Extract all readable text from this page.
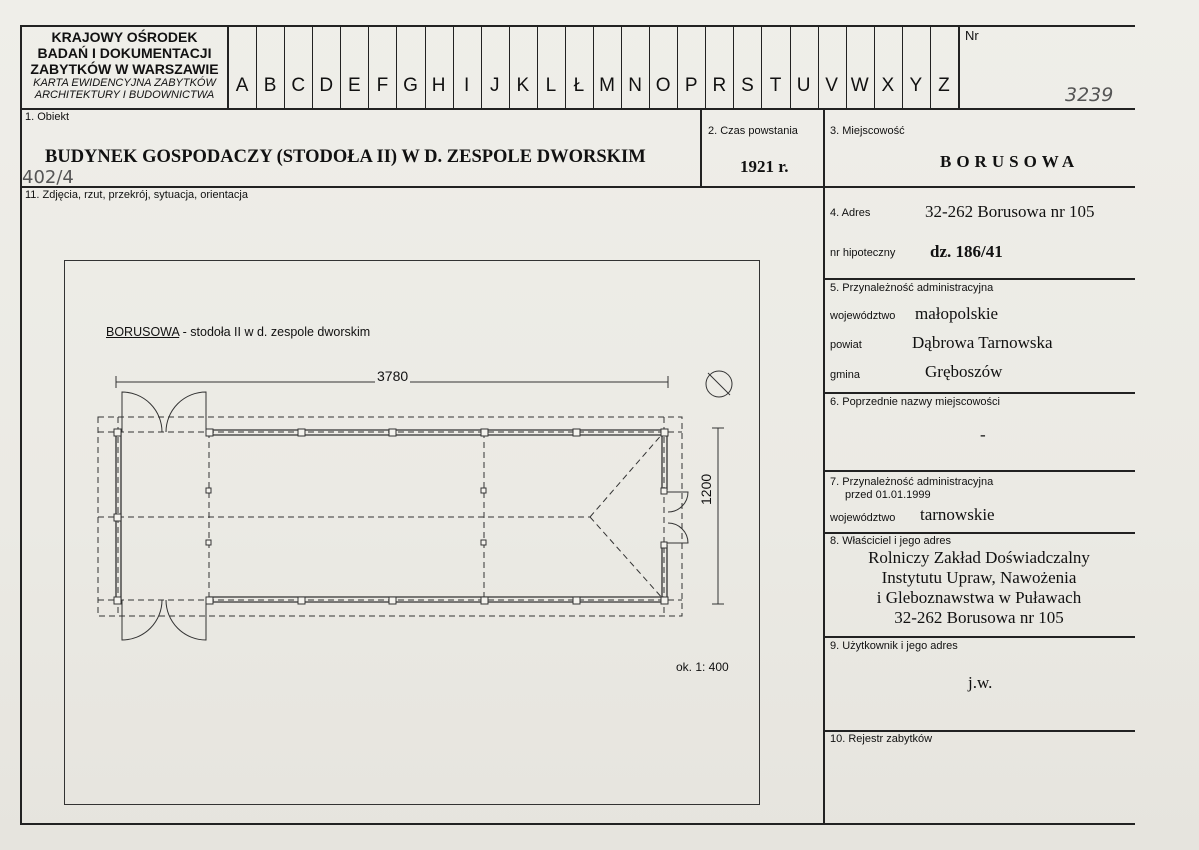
KRAJOWY OŚRODEK
BADAŃ I DOKUMENTACJI
ZABYTKÓW W WARSZAWIE
KARTA EWIDENCYJNA ZABYTKÓW
ARCHITEKTURY I BUDOWNICTWA	A B C D E F G H I	J K L Ł M N O P R S T U V W X Y Z
Nr
3239
1. Obiekt
BUDYNEK GOSPODACZY (STODOŁA II) W D. ZESPOLE DWORSKIM
402/4
2. Czas powstania
1921 r.
3. Miejscowość
BORUSOWA
11. Zdjęcia, rzut, przekrój, sytuacja, orientacja
BORUSOWA - stodoła II w d. zespole dworskim
3780
1200
ok. 1: 400
4. Adres	32-262 Borusowa nr 105
nr hipoteczny dz. 186/41
5. Przynależność administracyjna
województwo małopolskie
powiat	Dąbrowa Tarnowska
gmina	Gręboszów
6. Poprzednie nazwy miejscowości
-
7. Przynależność administracyjna
przed 01.01.1999
województwo tarnowskie
8. Właściciel i jego adres
Rolniczy Zakład Doświadczalny
Instytutu Upraw, Nawożenia
i Gleboznawstwa w Puławach
32-262 Borusowa nr 105
9. Użytkownik i jego adres
j.w.
10. Rejestr zabytków
